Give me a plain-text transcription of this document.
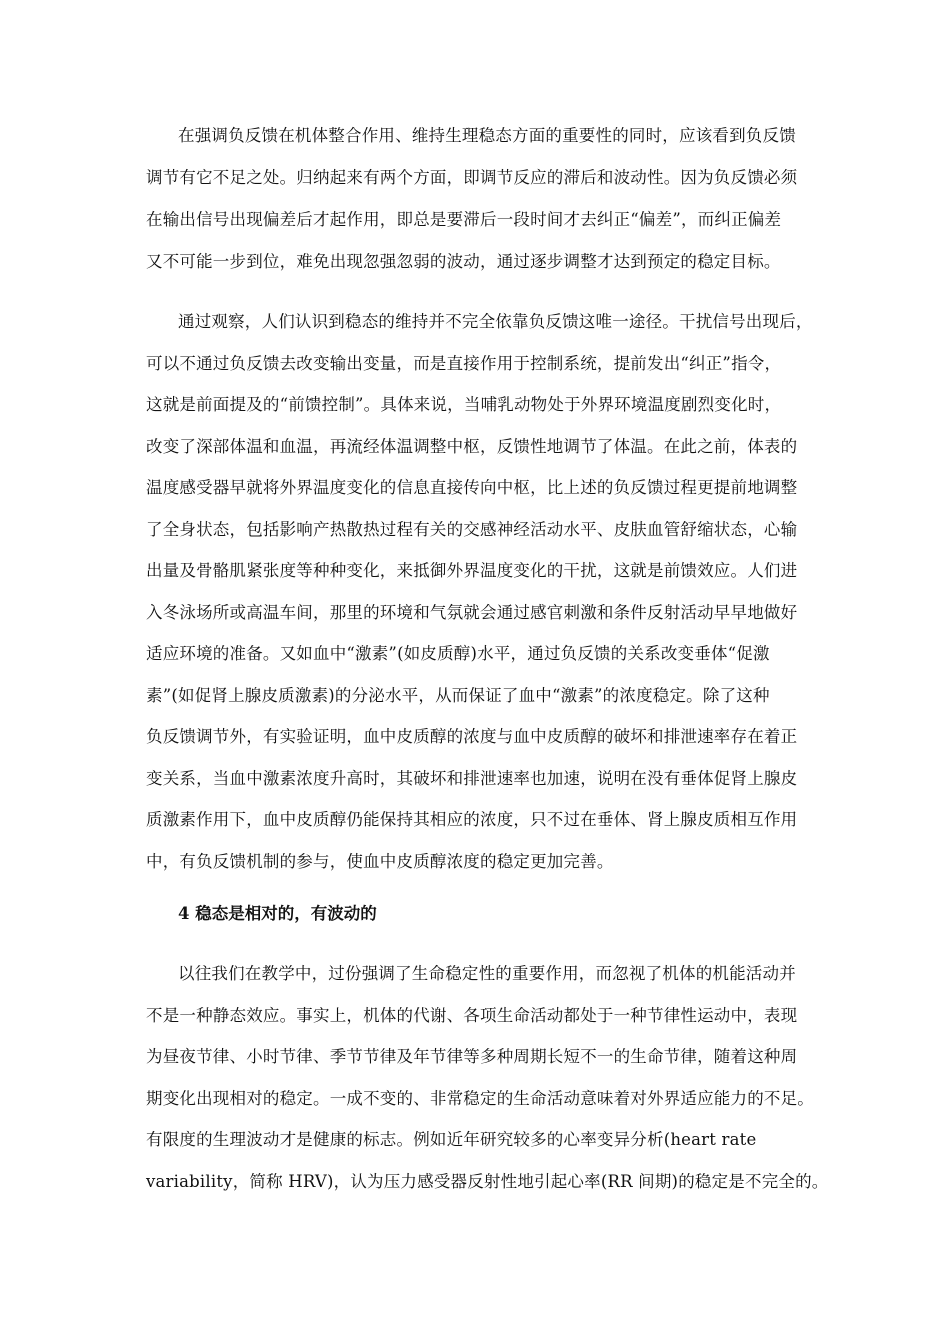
在强调负反馈在机体整合作用、维持生理稳态方面的重要性的同时，应该看到负反馈
调节有它不足之处。归纳起来有两个方面，即调节反应的滞后和波动性。因为负反馈必须
在输出信号出现偏差后才起作用，即总是要滞后一段时间才去纠正“偏差”，而纠正偏差
又不可能一步到位，难免出现忽强忽弱的波动，通过逐步调整才达到预定的稳定目标。
通过观察，人们认识到稳态的维持并不完全依靠负反馈这唯一途径。干扰信号出现后，
可以不通过负反馈去改变输出变量，而是直接作用于控制系统，提前发出“纠正”指令，
这就是前面提及的“前馈控制”。具体来说，当哺乳动物处于外界环境温度剧烈变化时，
改变了深部体温和血温，再流经体温调整中枢，反馈性地调节了体温。在此之前，体表的
温度感受器早就将外界温度变化的信息直接传向中枢，比上述的负反馈过程更提前地调整
了全身状态，包括影响产热散热过程有关的交感神经活动水平、皮肤血管舒缩状态，心输
出量及骨骼肌紧张度等种种变化，来抵御外界温度变化的干扰，这就是前馈效应。人们进
入冬泳场所或高温车间，那里的环境和气氛就会通过感官刺激和条件反射活动早早地做好
适应环境的准备。又如血中“激素”(如皮质醇)水平，通过负反馈的关系改变垂体“促激
素”(如促肾上腺皮质激素)的分泌水平，从而保证了血中“激素”的浓度稳定。除了这种
负反馈调节外，有实验证明，血中皮质醇的浓度与血中皮质醇的破坏和排泄速率存在着正
变关系，当血中激素浓度升高时，其破坏和排泄速率也加速，说明在没有垂体促肾上腺皮
质激素作用下，血中皮质醇仍能保持其相应的浓度，只不过在垂体、肾上腺皮质相互作用
中，有负反馈机制的参与，使血中皮质醇浓度的稳定更加完善。
4 稳态是相对的，有波动的
以往我们在教学中，过份强调了生命稳定性的重要作用，而忽视了机体的机能活动并
不是一种静态效应。事实上，机体的代谢、各项生命活动都处于一种节律性运动中，表现
为昼夜节律、小时节律、季节节律及年节律等多种周期长短不一的生命节律，随着这种周
期变化出现相对的稳定。一成不变的、非常稳定的生命活动意味着对外界适应能力的不足。
有限度的生理波动才是健康的标志。例如近年研究较多的心率变异分析(heart rate
variability，简称 HRV)，认为压力感受器反射性地引起心率(RR 间期)的稳定是不完全的。
